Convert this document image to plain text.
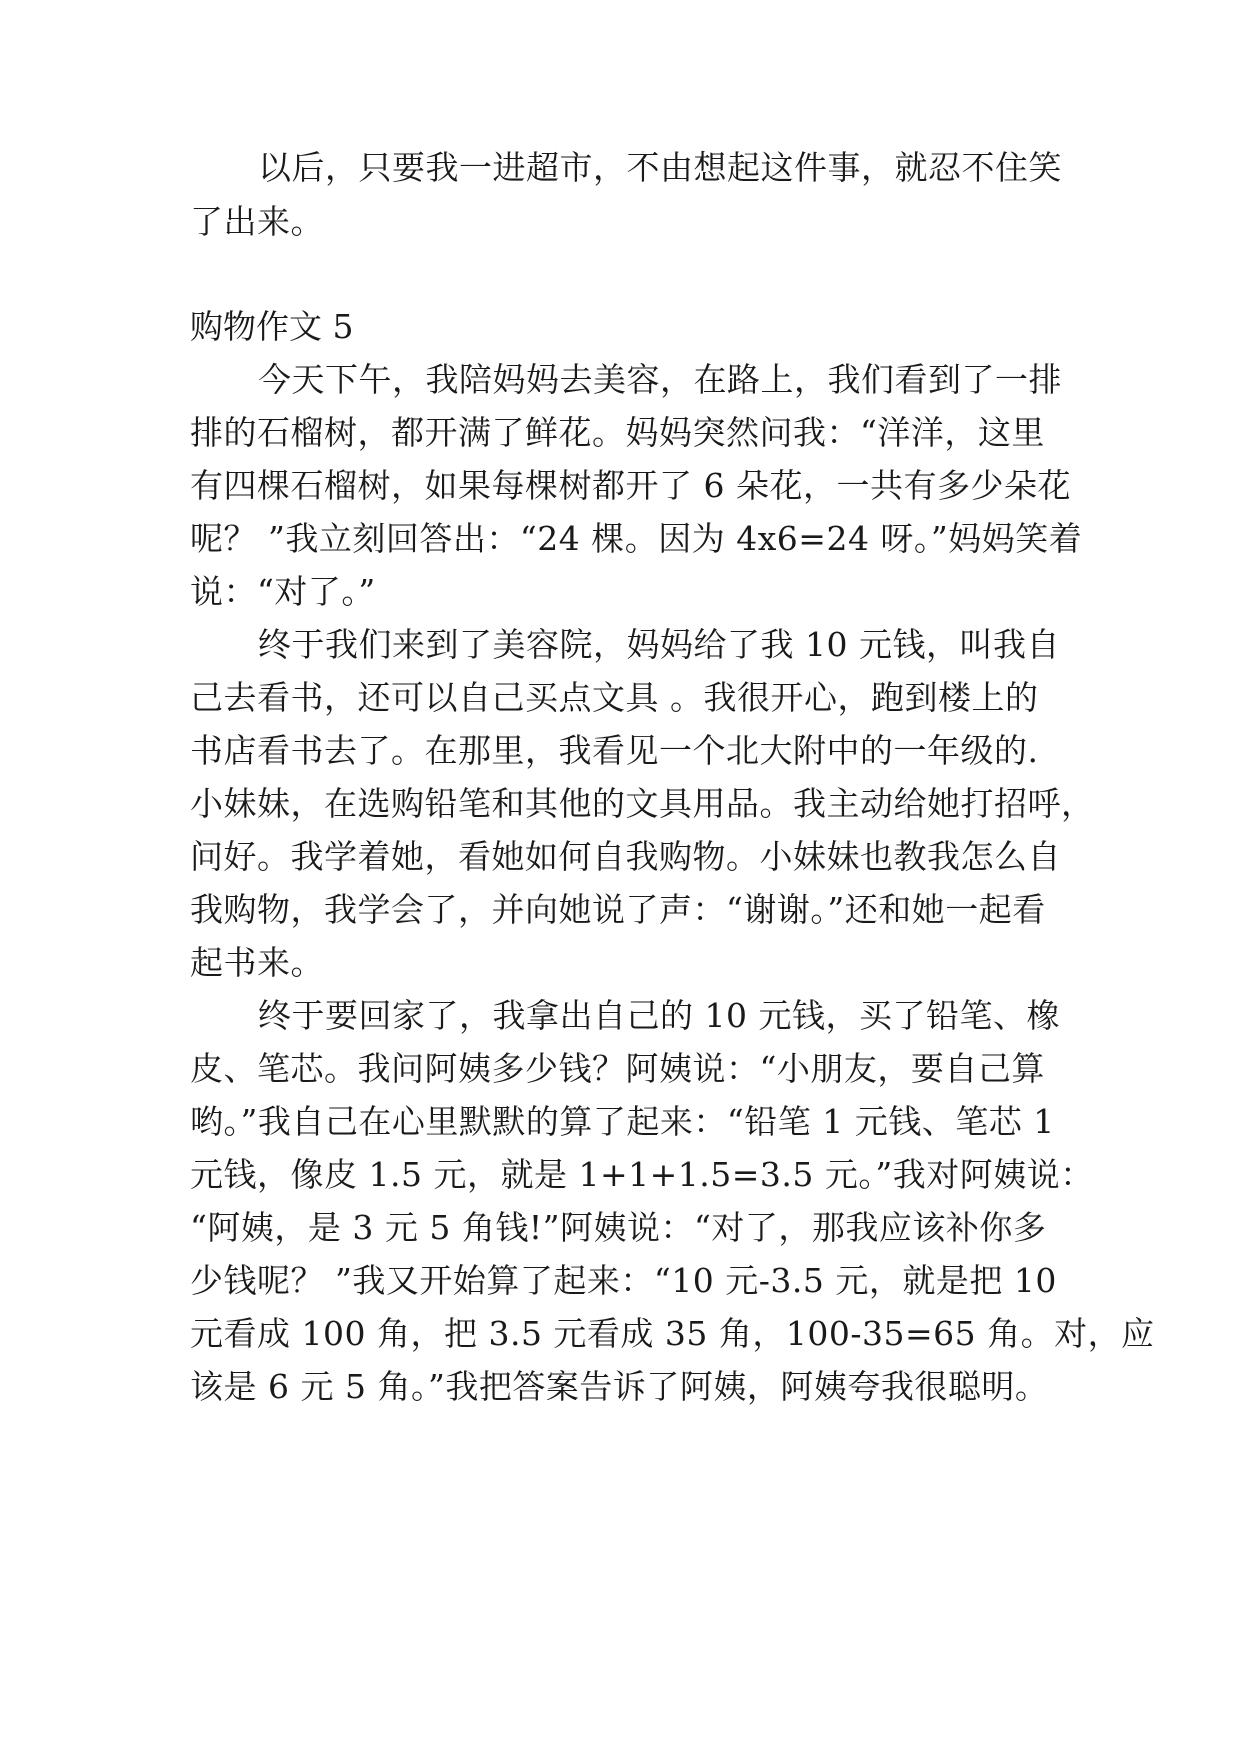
以后，只要我一进超市，不由想起这件事，就忍不住笑
了出来。
购物作文 5
今天下午，我陪妈妈去美容，在路上，我们看到了一排
排的石榴树，都开满了鲜花。妈妈突然问我：“洋洋，这里
有四棵石榴树，如果每棵树都开了 6 朵花，一共有多少朵花
呢？ ”我立刻回答出：“24 棵。因为 4x6=24 呀。”妈妈笑着
说：“对了。”
终于我们来到了美容院，妈妈给了我 10 元钱，叫我自
己去看书，还可以自己买点文具 。我很开心，跑到楼上的
书店看书去了。在那里，我看见一个北大附中的一年级的.
小妹妹，在选购铅笔和其他的文具用品。我主动给她打招呼，
问好。我学着她，看她如何自我购物。小妹妹也教我怎么自
我购物，我学会了，并向她说了声：“谢谢。”还和她一起看
起书来。
终于要回家了，我拿出自己的 10 元钱，买了铅笔、橡
皮、笔芯。我问阿姨多少钱？阿姨说：“小朋友，要自己算
哟。”我自己在心里默默的算了起来：“铅笔 1 元钱、笔芯 1
元钱，像皮 1.5 元，就是 1+1+1.5=3.5 元。”我对阿姨说：
“阿姨，是 3 元 5 角钱!”阿姨说：“对了，那我应该补你多
少钱呢？ ”我又开始算了起来：“10 元-3.5 元，就是把 10
元看成 100 角，把 3.5 元看成 35 角，100-35=65 角。对，应
该是 6 元 5 角。”我把答案告诉了阿姨，阿姨夸我很聪明。
